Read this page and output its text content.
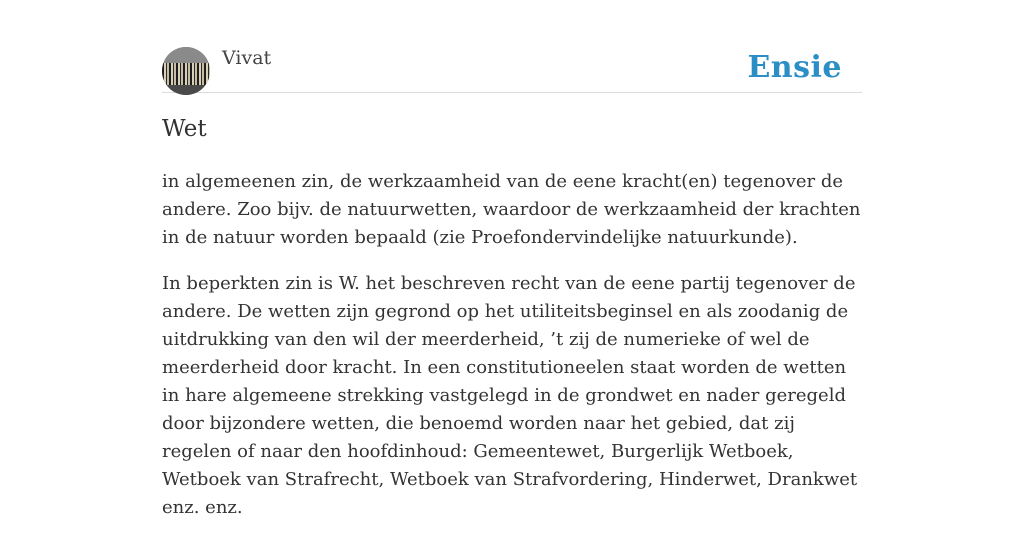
Vivat	Ensie
Wet

in algemeenen zin, de werkzaamheid van de eene kracht(en) tegenover de andere. Zoo bijv. de natuurwetten, waardoor de werkzaamheid der krachten in de natuur worden bepaald (zie Proefondervindelijke natuurkunde).

In beperkten zin is W. het beschreven recht van de eene partij tegenover de andere. De wetten zijn gegrond op het utiliteitsbeginsel en als zoodanig de uitdrukking van den wil der meerderheid, ’t zij de numerieke of wel de meerderheid door kracht. In een constitutioneelen staat worden de wetten in hare algemeene strekking vastgelegd in de grondwet en nader geregeld door bijzondere wetten, die benoemd worden naar het gebied, dat zij regelen of naar den hoofdinhoud: Gemeentewet, Burgerlijk Wetboek, Wetboek van Strafrecht, Wetboek van Strafvordering, Hinderwet, Drankwet enz. enz.
